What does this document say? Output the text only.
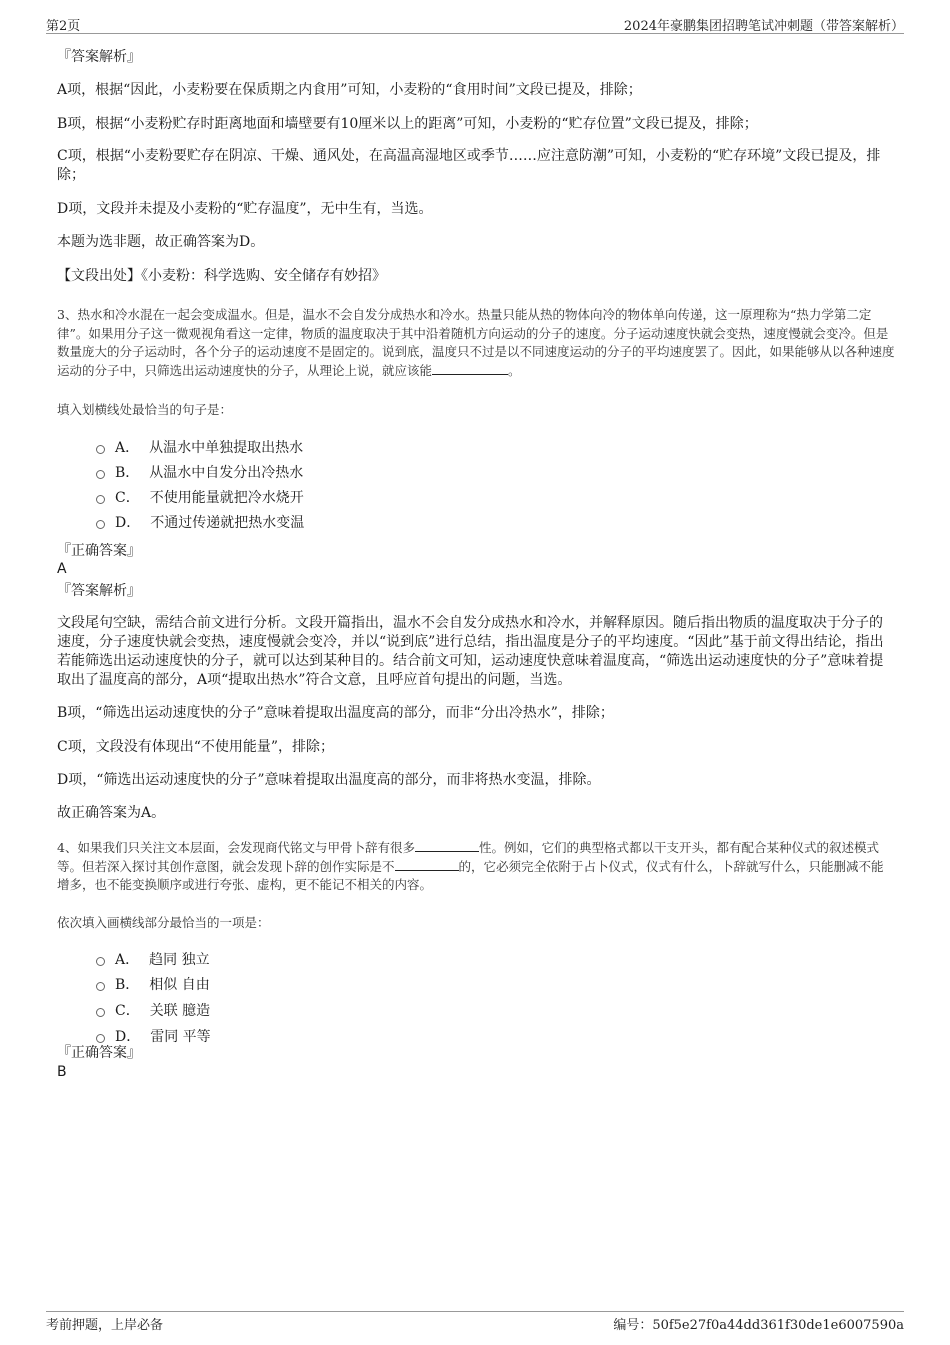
第2页	2024年豪鹏集团招聘笔试冲刺题（带答案解析）
『答案解析』
A项，根据“因此，小麦粉要在保质期之内食用”可知，小麦粉的“食用时间”文段已提及，排除；
B项，根据“小麦粉贮存时距离地面和墙壁要有10厘米以上的距离”可知，小麦粉的“贮存位置”文段已提及，排除；
C项，根据“小麦粉要贮存在阴凉、干燥、通风处，在高温高湿地区或季节……应注意防潮”可知，小麦粉的“贮存环境”文段已提及，排除；
D项，文段并未提及小麦粉的“贮存温度”，无中生有，当选。
本题为选非题，故正确答案为D。
【文段出处】《小麦粉：科学选购、安全储存有妙招》
3、热水和冷水混在一起会变成温水。但是，温水不会自发分成热水和冷水。热量只能从热的物体向冷的物体单向传递，这一原理称为“热力学第二定律”。如果用分子这一微观视角看这一定律，物质的温度取决于其中沿着随机方向运动的分子的速度。分子运动速度快就会变热，速度慢就会变冷。但是数量庞大的分子运动时，各个分子的运动速度不是固定的。说到底，温度只不过是以不同速度运动的分子的平均速度罢了。因此，如果能够从以各种速度运动的分子中，只筛选出运动速度快的分子，从理论上说，就应该能	。
填入划横线处最恰当的句子是：
A． 从温水中单独提取出热水
B． 从温水中自发分出冷热水
C． 不使用能量就把冷水烧开
D． 不通过传递就把热水变温
『正确答案』
A
『答案解析』
文段尾句空缺，需结合前文进行分析。文段开篇指出，温水不会自发分成热水和冷水，并解释原因。随后指出物质的温度取决于分子的速度，分子速度快就会变热，速度慢就会变冷，并以“说到底”进行总结，指出温度是分子的平均速度。“因此”基于前文得出结论，指出若能筛选出运动速度快的分子，就可以达到某种目的。结合前文可知，运动速度快意味着温度高，“筛选出运动速度快的分子”意味着提取出了温度高的部分，A项“提取出热水”符合文意，且呼应首句提出的问题，当选。
B项，“筛选出运动速度快的分子”意味着提取出温度高的部分，而非“分出冷热水”，排除；
C项，文段没有体现出“不使用能量”，排除；
D项，“筛选出运动速度快的分子”意味着提取出温度高的部分，而非将热水变温，排除。
故正确答案为A。
4、如果我们只关注文本层面，会发现商代铭文与甲骨卜辞有很多	性。例如，它们的典型格式都以干支开头，都有配合某种仪式的叙述模式等。但若深入探讨其创作意图，就会发现卜辞的创作实际是不	的，它必须完全依附于占卜仪式，仪式有什么，卜辞就写什么，只能删减不能增多，也不能变换顺序或进行夸张、虚构，更不能记不相关的内容。
依次填入画横线部分最恰当的一项是：
A． 趋同 独立
B． 相似 自由
C． 关联 臆造
D． 雷同 平等
『正确答案』
B
考前押题，上岸必备	编号：50f5e27f0a44dd361f30de1e6007590a
